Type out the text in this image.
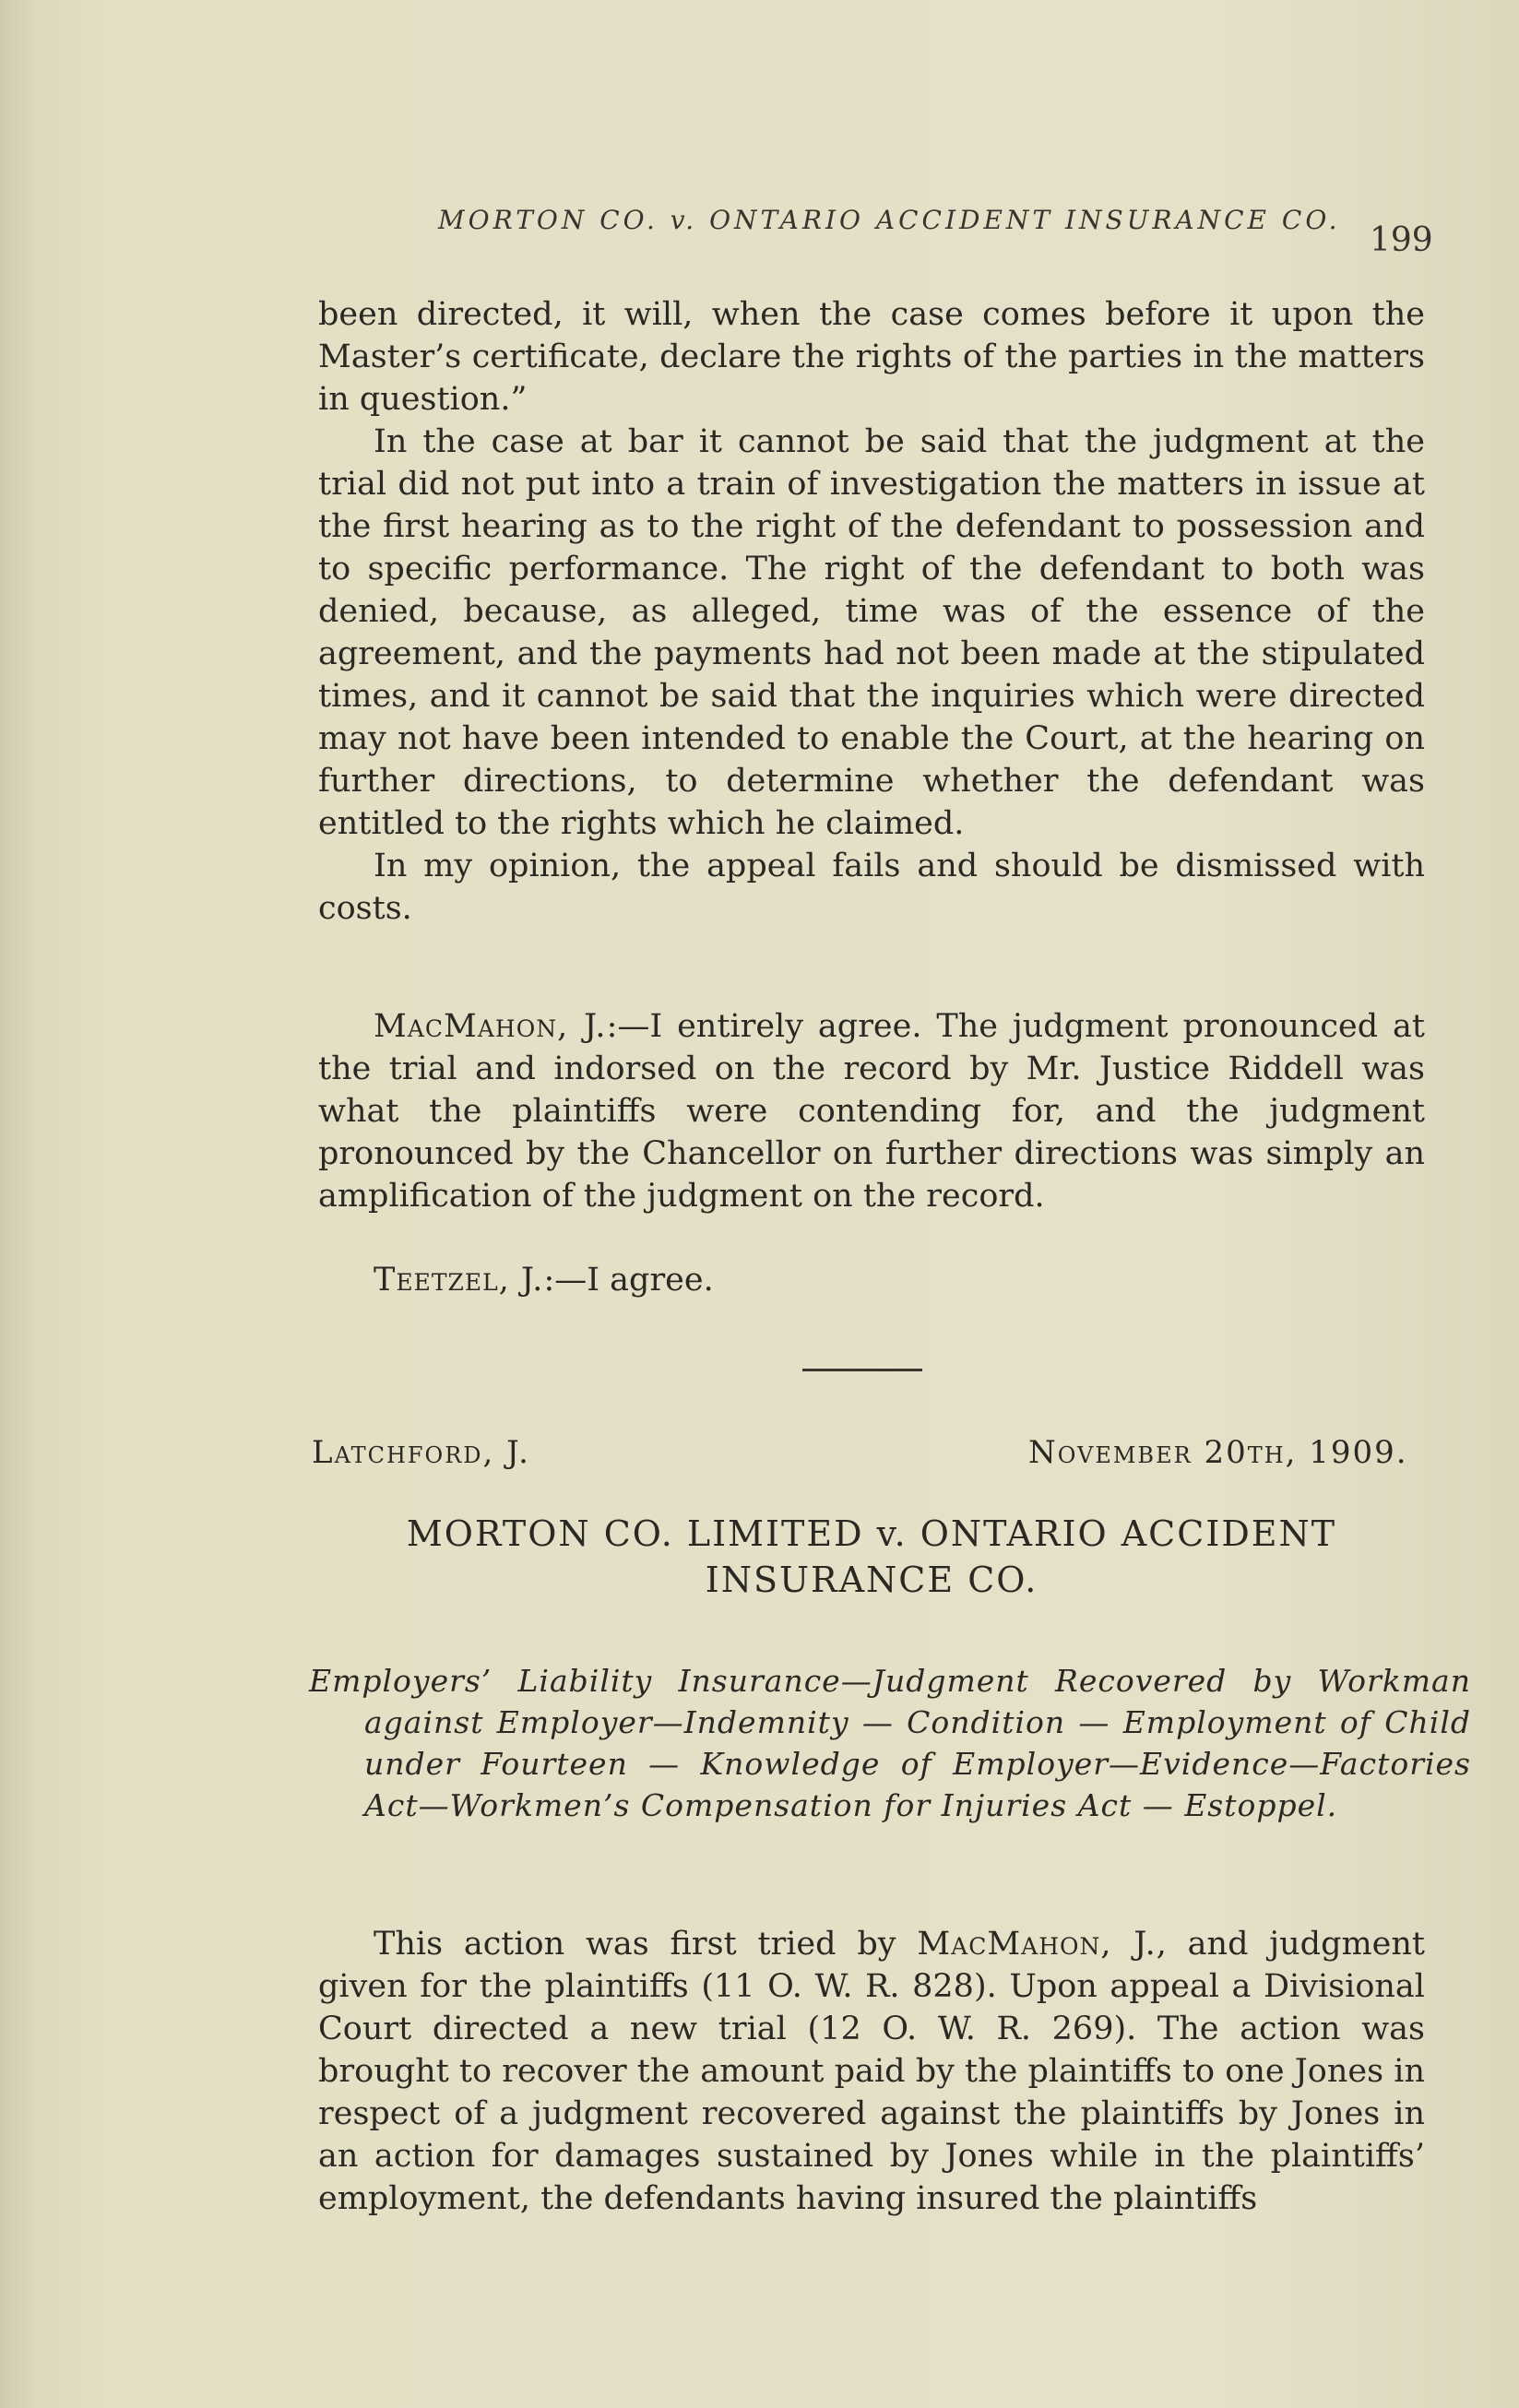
MORTON CO. v. ONTARIO ACCIDENT INSURANCE CO.
199

been directed, it will, when the case comes before it upon the Master’s certificate, declare the rights of the parties in the matters in question.”

In the case at bar it cannot be said that the judgment at the trial did not put into a train of investigation the matters in issue at the first hearing as to the right of the defendant to possession and to specific performance. The right of the defendant to both was denied, because, as alleged, time was of the essence of the agreement, and the payments had not been made at the stipulated times, and it cannot be said that the inquiries which were directed may not have been intended to enable the Court, at the hearing on further directions, to determine whether the defendant was entitled to the rights which he claimed.

In my opinion, the appeal fails and should be dismissed with costs.

MacMahon, J.:—I entirely agree. The judgment pronounced at the trial and indorsed on the record by Mr. Justice Riddell was what the plaintiffs were contending for, and the judgment pronounced by the Chancellor on further directions was simply an amplification of the judgment on the record.

Teetzel, J.:—I agree.

Latchford, J.	November 20th, 1909.
MORTON CO. LIMITED v. ONTARIO ACCIDENT INSURANCE CO.
Employers’ Liability Insurance—Judgment Recovered by Workman against Employer—Indemnity — Condition — Employment of Child under Fourteen — Knowledge of Employer—Evidence—Factories Act—Workmen’s Compensation for Injuries Act — Estoppel.

This action was first tried by MacMahon, J., and judgment given for the plaintiffs (11 O. W. R. 828). Upon appeal a Divisional Court directed a new trial (12 O. W. R. 269). The action was brought to recover the amount paid by the plaintiffs to one Jones in respect of a judgment recovered against the plaintiffs by Jones in an action for damages sustained by Jones while in the plaintiffs’ employment, the defendants having insured the plaintiffs
